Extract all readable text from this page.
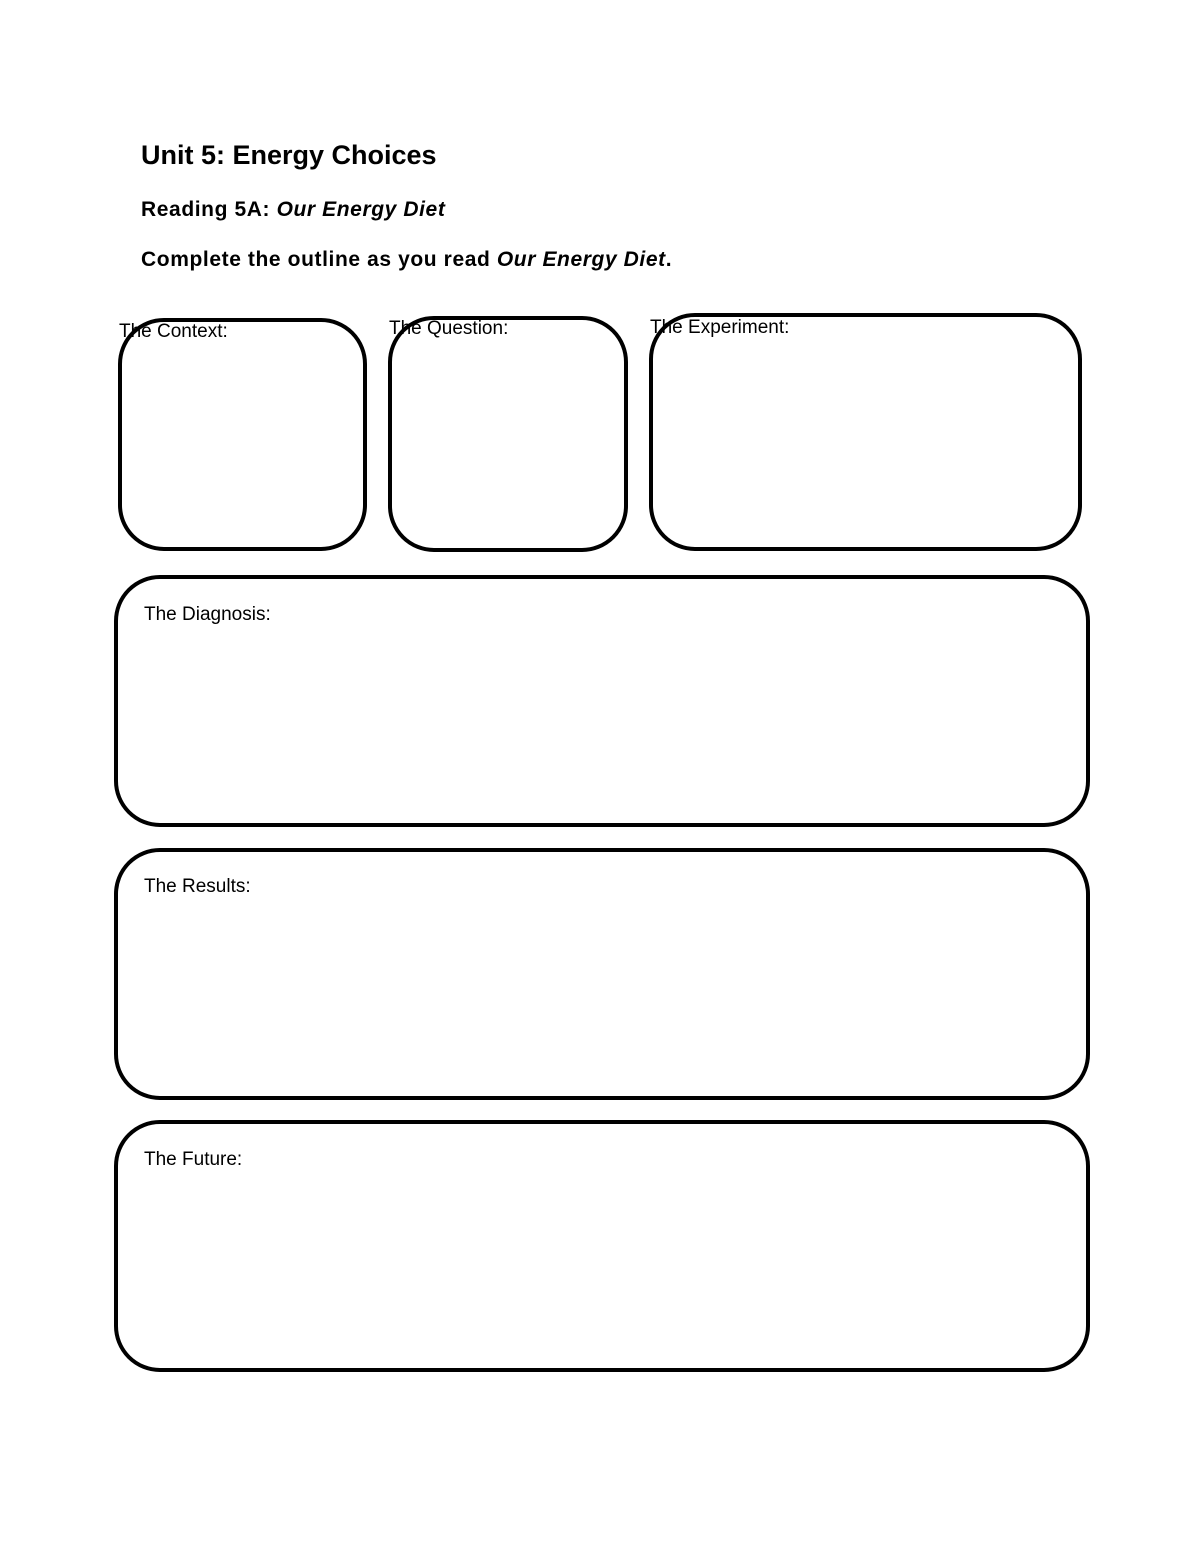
Unit 5: Energy Choices

Reading 5A: Our Energy Diet

Complete the outline as you read Our Energy Diet.

The Context:	The Question:	The Experiment:
The Diagnosis:
The Results:
The Future:
